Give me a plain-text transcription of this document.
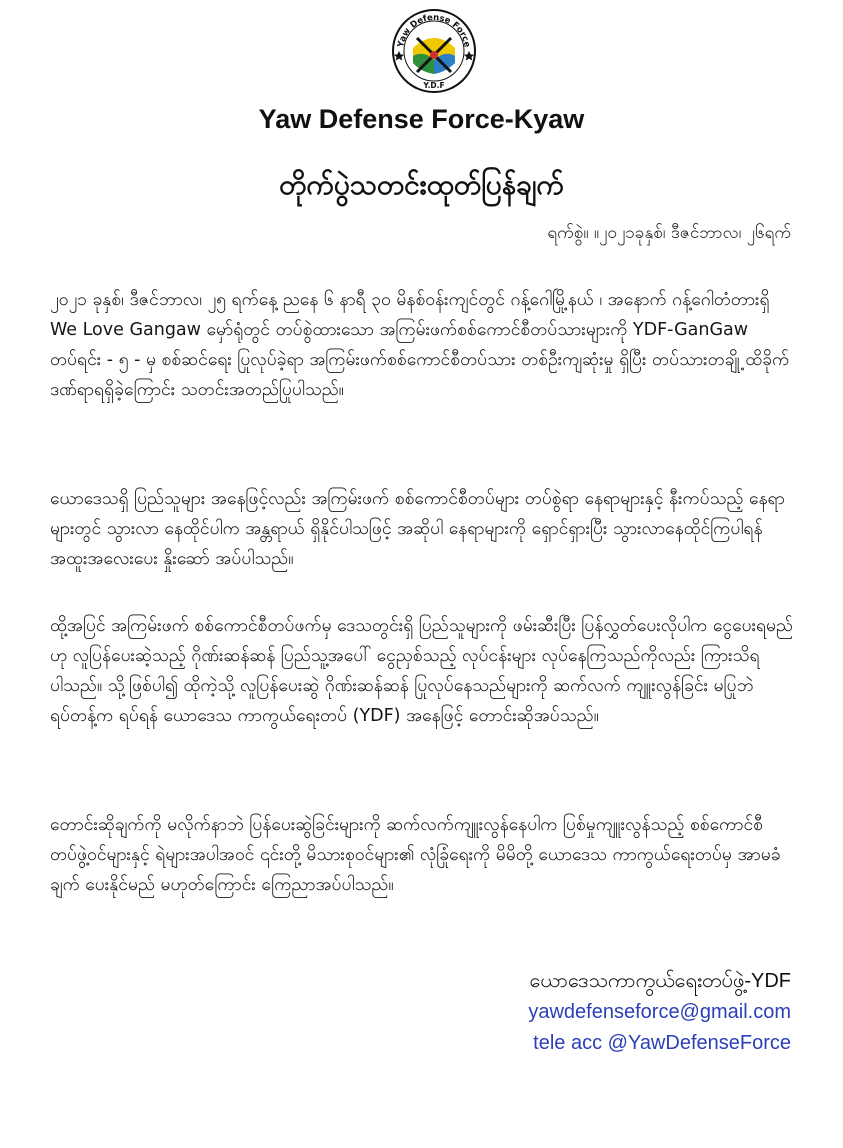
Yaw Defense Force
Y.D.F
Yaw Defense Force-Kyaw
တိုက်ပွဲသတင်းထုတ်ပြန်ချက်
ရက်စွဲ။ ။၂၀၂၁ခုနှစ်၊ ဒီဇင်ဘာလ၊ ၂၆ရက်
၂၀၂၁ ခုနှစ်၊ ဒီဇင်ဘာလ၊ ၂၅ ရက်နေ့ ညနေ ၆ နာရီ ၃၀ မိနစ်ဝန်းကျင်တွင် ဂန့်ဂေါမြို့နယ် ၊ အနောက် ဂန့်ဂေါတံတားရှိ We Love Gangaw မှော်ရုံတွင် တပ်စွဲထားသော အကြမ်းဖက်စစ်ကောင်စီတပ်သားများကို YDF-GanGaw တပ်ရင်း - ၅ - မှ စစ်ဆင်ရေး ပြုလုပ်ခဲ့ရာ အကြမ်းဖက်စစ်ကောင်စီတပ်သား တစ်ဦးကျဆုံးမှု ရှိပြီး တပ်သားတချို့ ထိခိုက်ဒဏ်ရာရရှိခဲ့ကြောင်း သတင်းအတည်ပြုပါသည်။
ယောဒေသရှိ ပြည်သူများ အနေဖြင့်လည်း အကြမ်းဖက် စစ်ကောင်စီတပ်များ တပ်စွဲရာ နေရာများနှင့် နီးကပ်သည့် နေရာများတွင် သွားလာ နေထိုင်ပါက အန္တရာယ် ရှိနိုင်ပါသဖြင့် အဆိုပါ နေရာများကို ရှောင်ရှားပြီး သွားလာနေထိုင်ကြပါရန် အထူးအလေးပေး နှိုးဆော် အပ်ပါသည်။
ထို့အပြင် အကြမ်းဖက် စစ်ကောင်စီတပ်ဖက်မှ ဒေသတွင်းရှိ ပြည်သူများကို ဖမ်းဆီးပြီး ပြန်လွှတ်ပေးလိုပါက ငွေပေးရမည်ဟု လူပြန်ပေးဆဲ့သည့် ဂိုဏ်းဆန်ဆန် ပြည်သူ့အပေါ် ငွေညှစ်သည့် လုပ်ငန်းများ လုပ်နေကြသည်ကိုလည်း ကြားသိရပါသည်။ သို့ဖြစ်ပါ၍ ထိုကဲ့သို့ လူပြန်ပေးဆွဲ ဂိုဏ်းဆန်ဆန် ပြုလုပ်နေသည်များကို ဆက်လက် ကျူးလွန်ခြင်း မပြုဘဲ ရပ်တန့်က ရပ်ရန် ယောဒေသ ကာကွယ်ရေးတပ် (YDF) အနေဖြင့် တောင်းဆိုအပ်သည်။
တောင်းဆိုချက်ကို မလိုက်နာဘဲ ပြန်ပေးဆွဲခြင်းများကို ဆက်လက်ကျူးလွန်နေပါက ပြစ်မှုကျူးလွန်သည့် စစ်ကောင်စီ တပ်ဖွဲ့ဝင်များနှင့် ရဲများအပါအဝင် ၎င်းတို့ မိသားစုဝင်များ၏ လုံခြုံရေးကို မိမိတို့ ယောဒေသ ကာကွယ်ရေးတပ်မှ အာမခံချက် ပေးနိုင်မည် မဟုတ်ကြောင်း ကြေညာအပ်ပါသည်။
ယောဒေသကာကွယ်ရေးတပ်ဖွဲ့-YDF
yawdefenseforce@gmail.com
tele acc @YawDefenseForce
